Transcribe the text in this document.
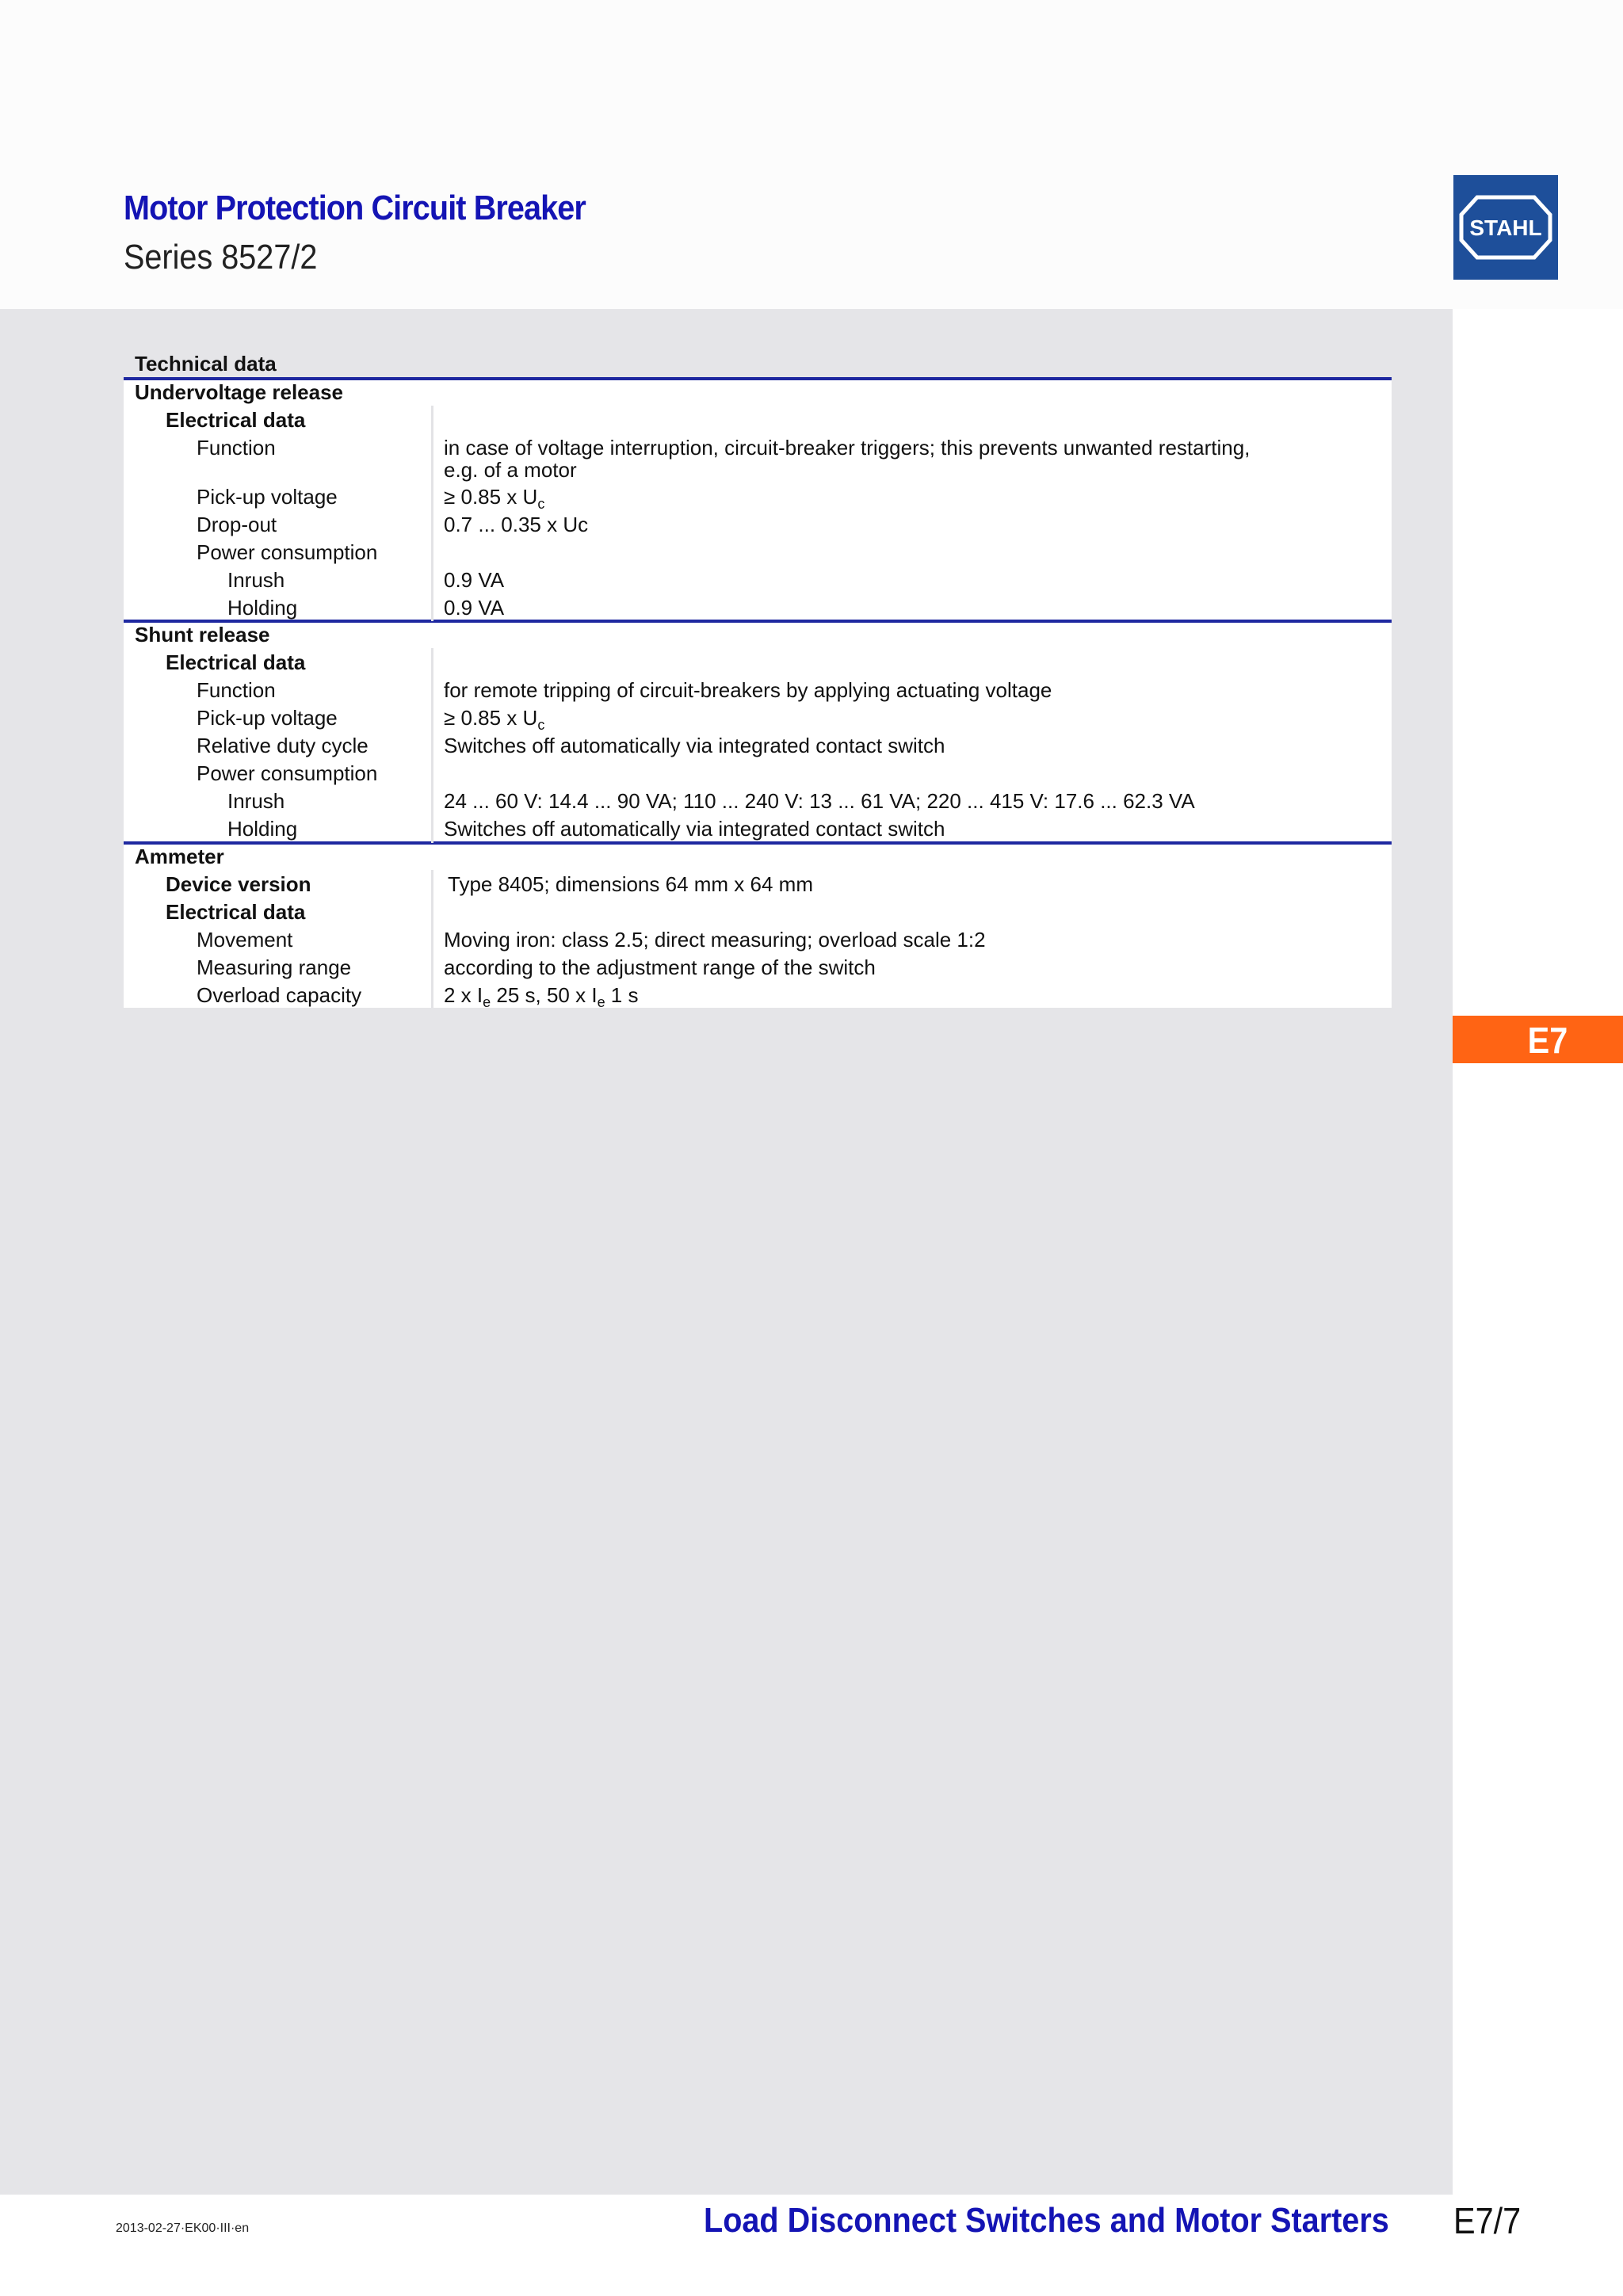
Motor Protection Circuit Breaker
Series 8527/2
STAHL
Technical data
Undervoltage release
Electrical data
Function	in case of voltage interruption, circuit-breaker triggers; this prevents unwanted restarting,
e.g. of a motor
Pick-up voltage	≥ 0.85 x $U_c$
Drop-out	0.7 ... 0.35 x Uc
Power consumption
Inrush	0.9 VA
Holding	0.9 VA
Shunt release
Electrical data
Function	for remote tripping of circuit-breakers by applying actuating voltage
Pick-up voltage	≥ 0.85 x $U_c$
Relative duty cycle	Switches off automatically via integrated contact switch
Power consumption
Inrush	24 ... 60 V: 14.4 ... 90 VA; 110 ... 240 V: 13 ... 61 VA; 220 ... 415 V: 17.6 ... 62.3 VA
Holding	Switches off automatically via integrated contact switch
Ammeter
Device version	Type 8405; dimensions 64 mm x 64 mm
Electrical data
Movement	Moving iron: class 2.5; direct measuring; overload scale 1:2
Measuring range	according to the adjustment range of the switch
Overload capacity	2 x $I_e$ 25 s, 50 x $I_e$ 1 s
E7
2013-02-27·EK00·III·en	Load Disconnect Switches and Motor Starters E7/7
